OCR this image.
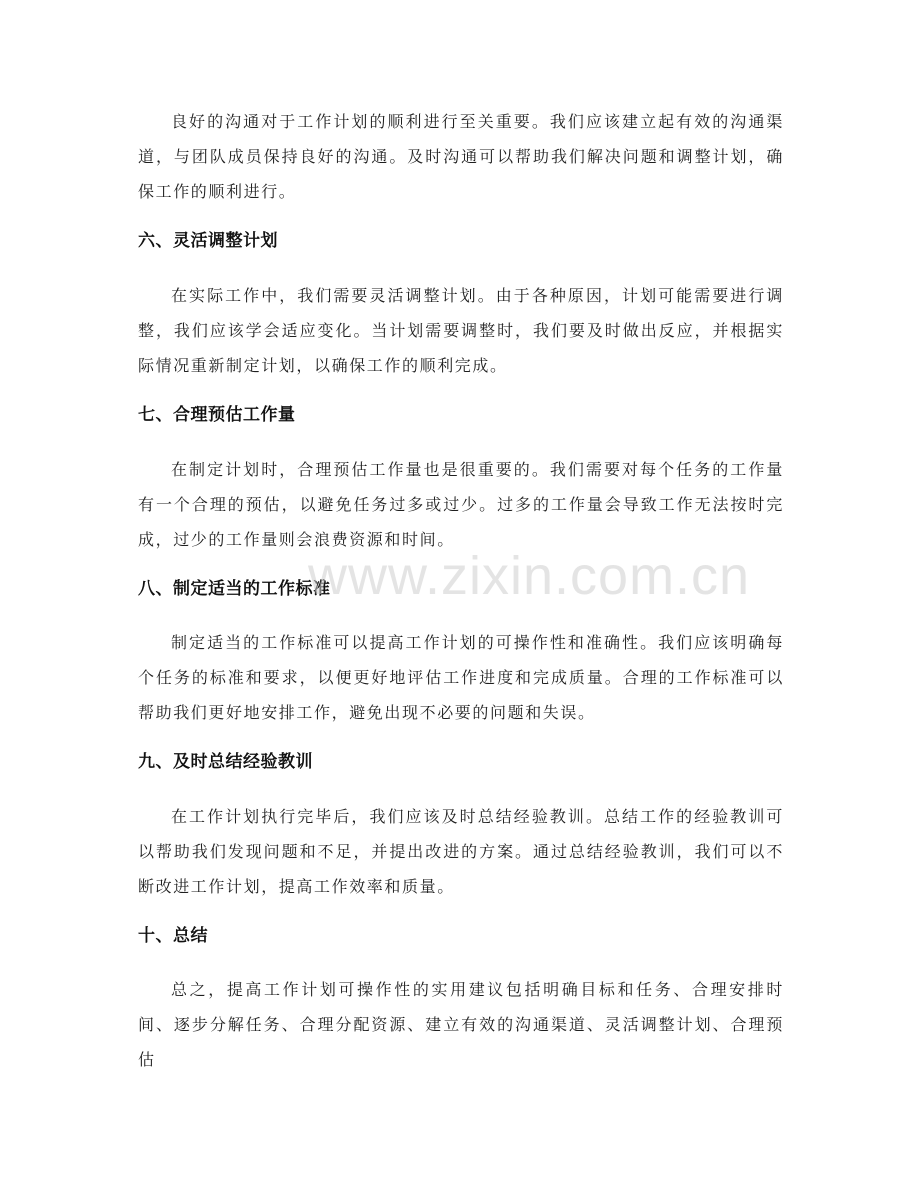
良好的沟通对于工作计划的顺利进行至关重要。我们应该建立起有效的沟通渠道，与团队成员保持良好的沟通。及时沟通可以帮助我们解决问题和调整计划，确保工作的顺利进行。

六、灵活调整计划

在实际工作中，我们需要灵活调整计划。由于各种原因，计划可能需要进行调整，我们应该学会适应变化。当计划需要调整时，我们要及时做出反应，并根据实际情况重新制定计划，以确保工作的顺利完成。

七、合理预估工作量

在制定计划时，合理预估工作量也是很重要的。我们需要对每个任务的工作量有一个合理的预估，以避免任务过多或过少。过多的工作量会导致工作无法按时完成，过少的工作量则会浪费资源和时间。

八、制定适当的工作标准

制定适当的工作标准可以提高工作计划的可操作性和准确性。我们应该明确每个任务的标准和要求，以便更好地评估工作进度和完成质量。合理的工作标准可以帮助我们更好地安排工作，避免出现不必要的问题和失误。

九、及时总结经验教训

在工作计划执行完毕后，我们应该及时总结经验教训。总结工作的经验教训可以帮助我们发现问题和不足，并提出改进的方案。通过总结经验教训，我们可以不断改进工作计划，提高工作效率和质量。

十、总结

总之，提高工作计划可操作性的实用建议包括明确目标和任务、合理安排时间、逐步分解任务、合理分配资源、建立有效的沟通渠道、灵活调整计划、合理预估

www.zixin.com.cn
